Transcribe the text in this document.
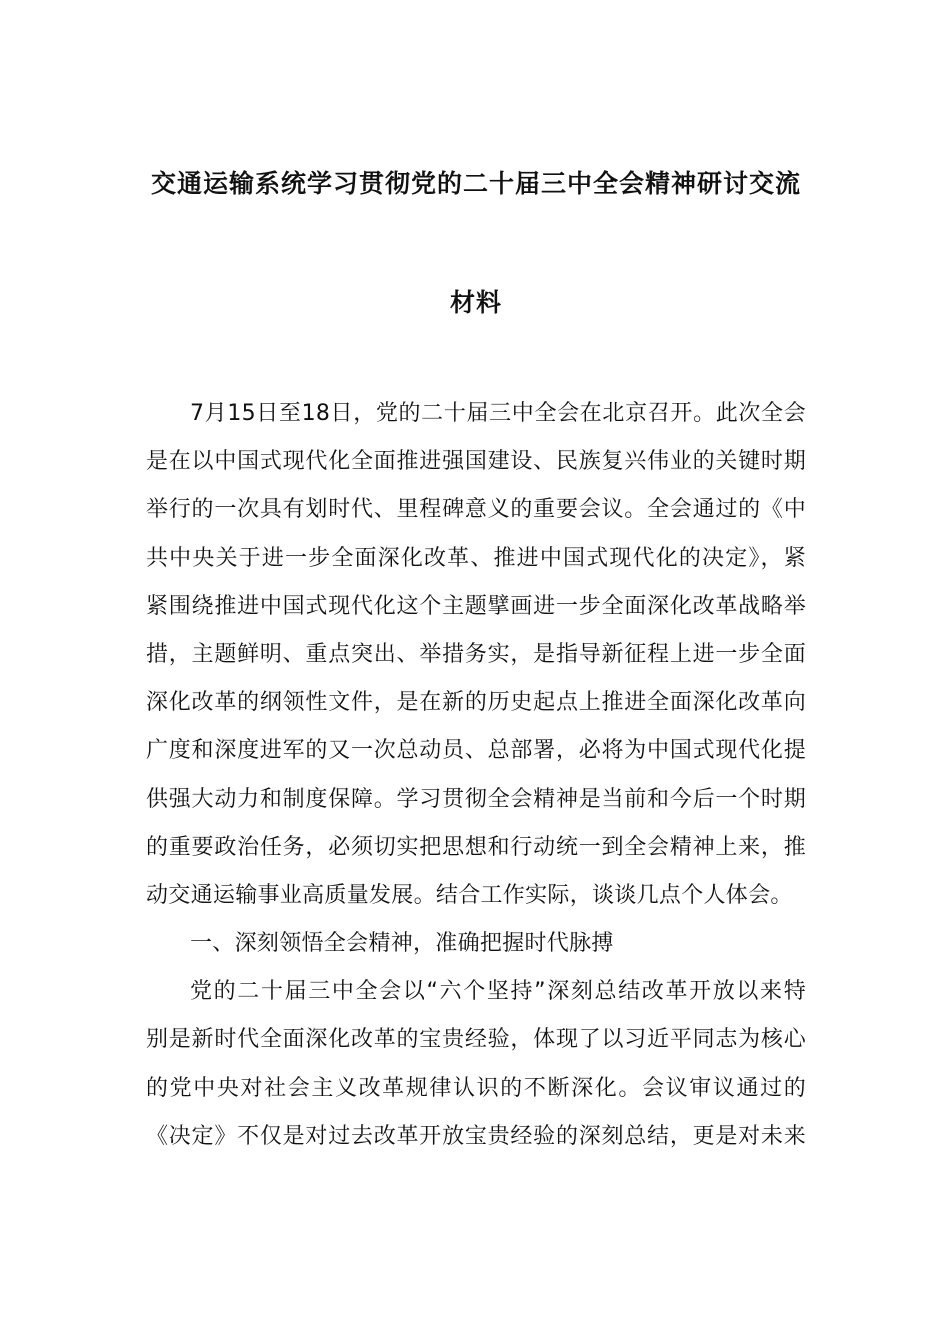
交通运输系统学习贯彻党的二十届三中全会精神研讨交流
材料
7月15日至18日，党的二十届三中全会在北京召开。此次全会
是在以中国式现代化全面推进强国建设、民族复兴伟业的关键时期
举行的一次具有划时代、里程碑意义的重要会议。全会通过的《中
共中央关于进一步全面深化改革、推进中国式现代化的决定》，紧
紧围绕推进中国式现代化这个主题擘画进一步全面深化改革战略举
措，主题鲜明、重点突出、举措务实，是指导新征程上进一步全面
深化改革的纲领性文件，是在新的历史起点上推进全面深化改革向
广度和深度进军的又一次总动员、总部署，必将为中国式现代化提
供强大动力和制度保障。学习贯彻全会精神是当前和今后一个时期
的重要政治任务，必须切实把思想和行动统一到全会精神上来，推
动交通运输事业高质量发展。结合工作实际，谈谈几点个人体会。
一、深刻领悟全会精神，准确把握时代脉搏
党的二十届三中全会以“六个坚持”深刻总结改革开放以来特
别是新时代全面深化改革的宝贵经验，体现了以习近平同志为核心
的党中央对社会主义改革规律认识的不断深化。会议审议通过的
《决定》不仅是对过去改革开放宝贵经验的深刻总结，更是对未来
